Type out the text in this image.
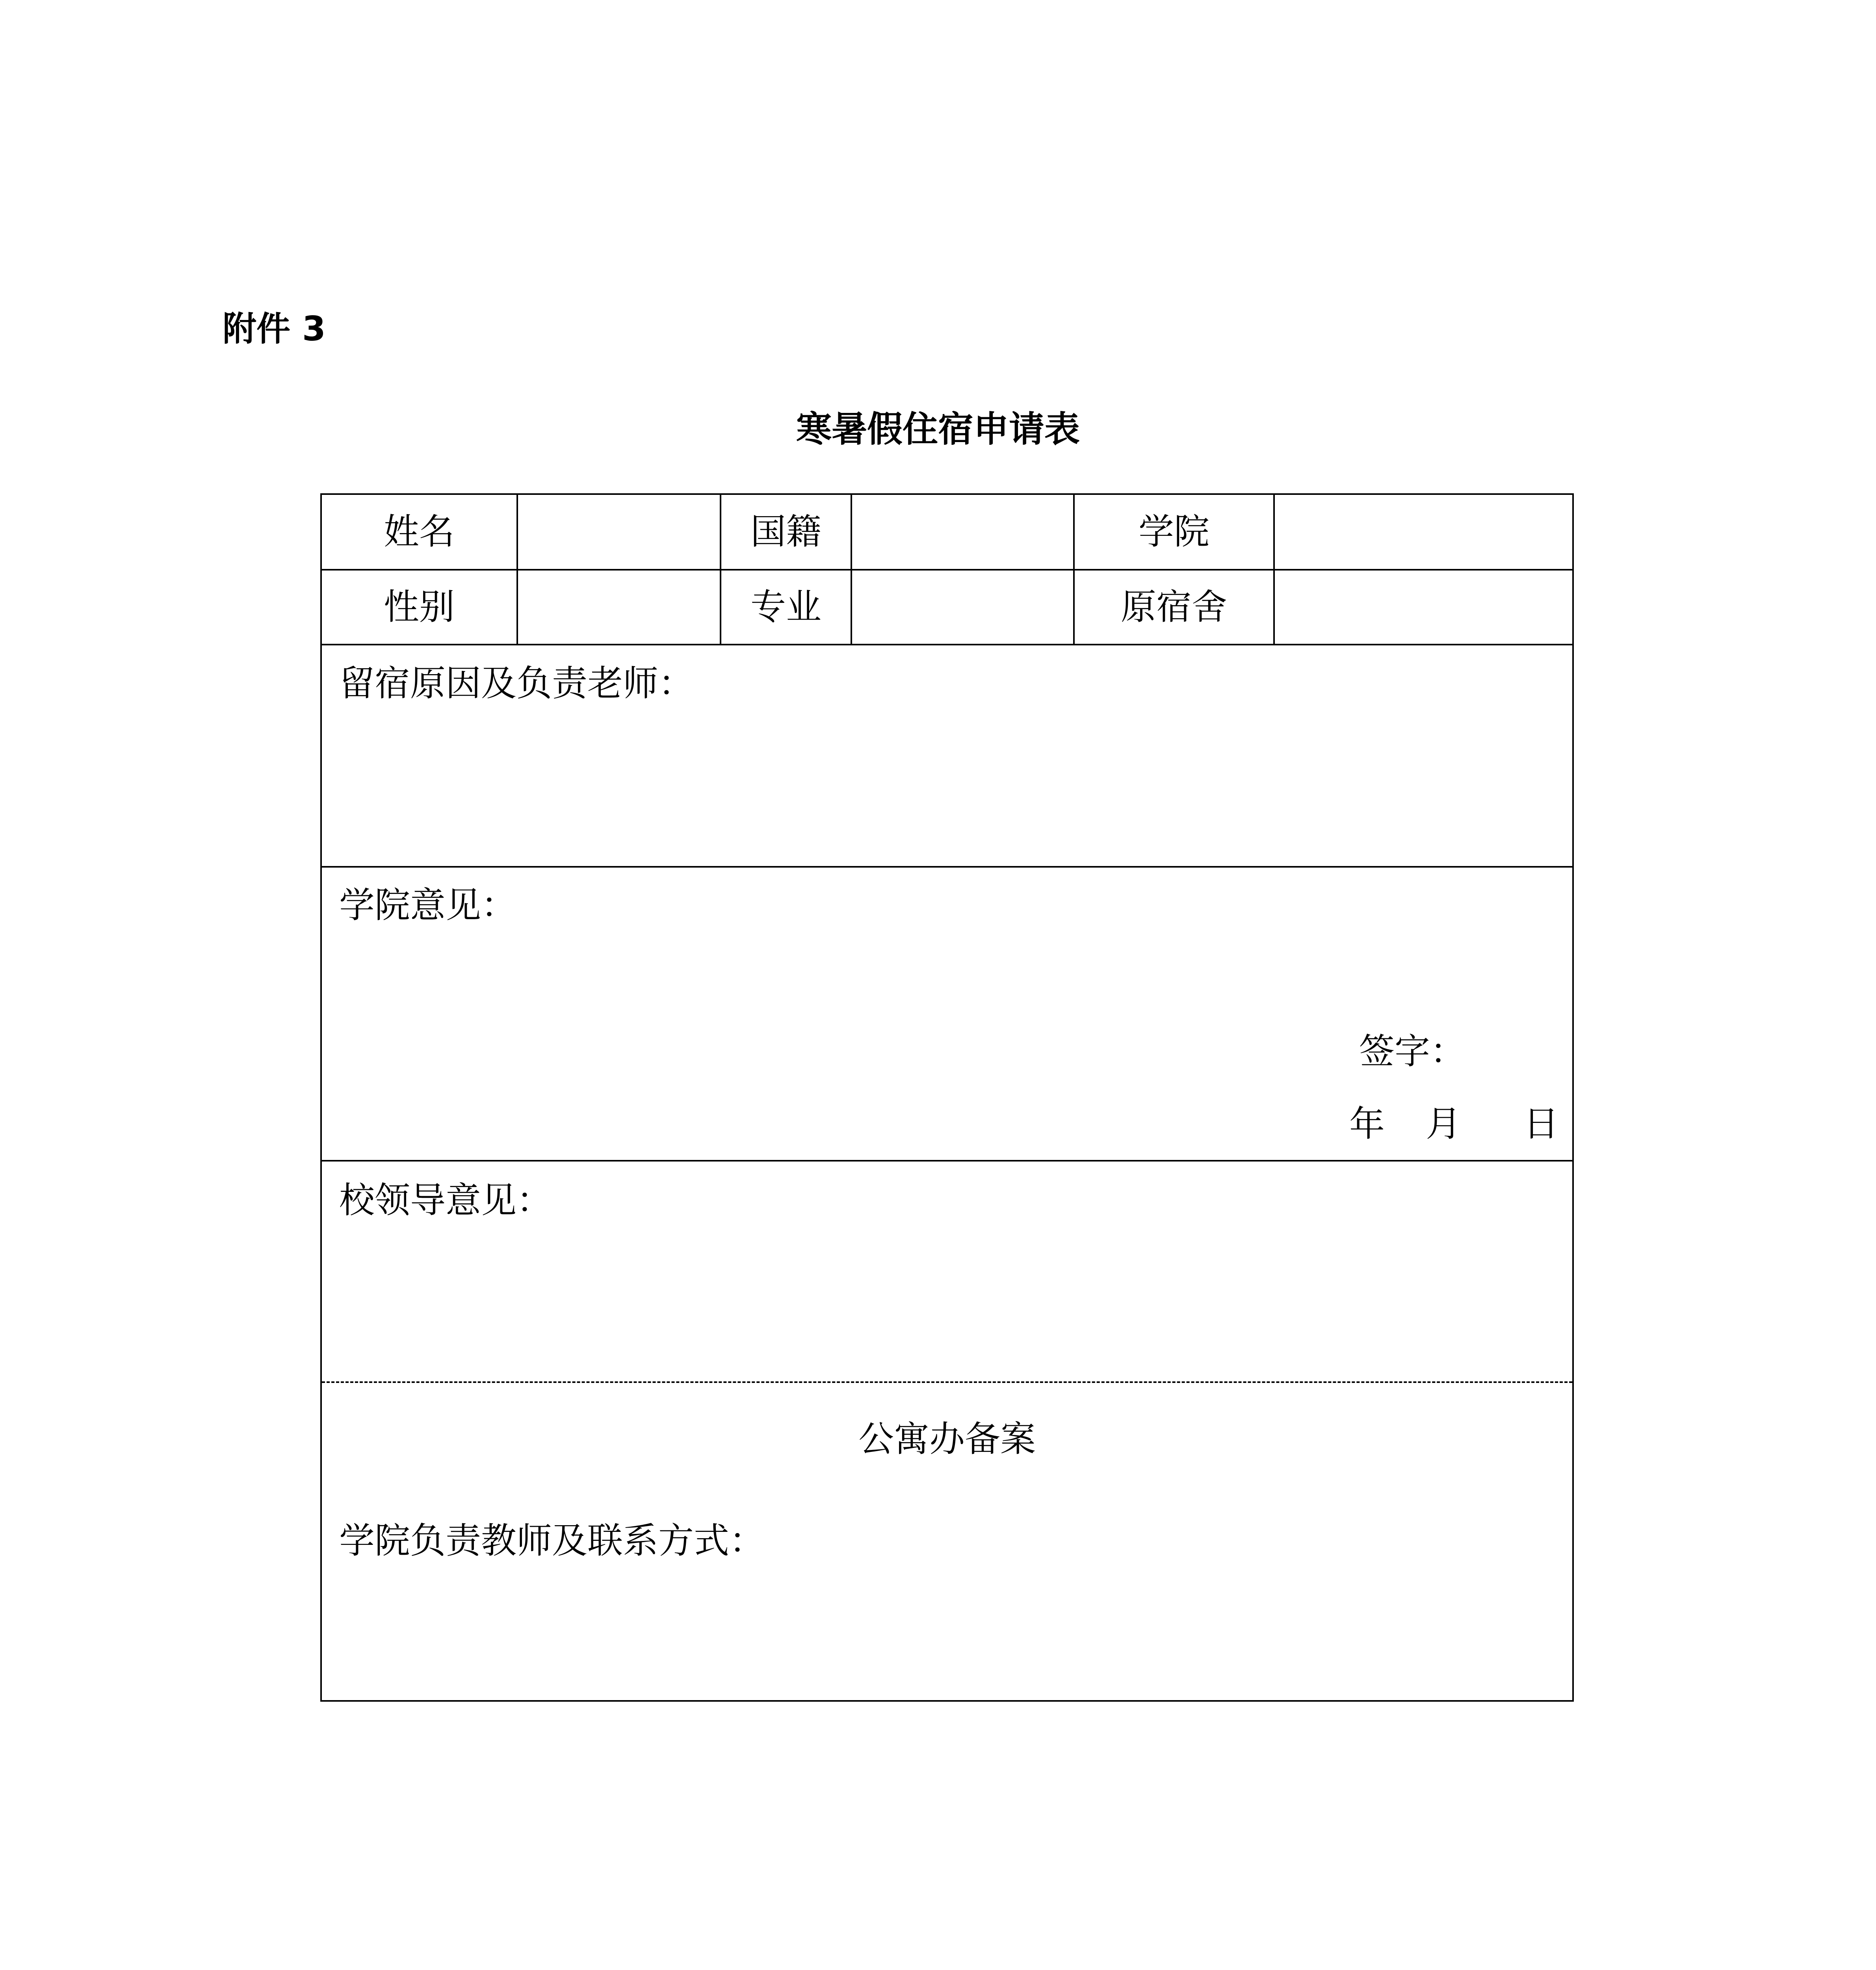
附件 3
寒暑假住宿申请表
姓名	国籍	学院
性别	专业	原宿舍
留宿原因及负责老师：
学院意见：
签字：
年 月 日
校领导意见：
公寓办备案
学院负责教师及联系方式：
